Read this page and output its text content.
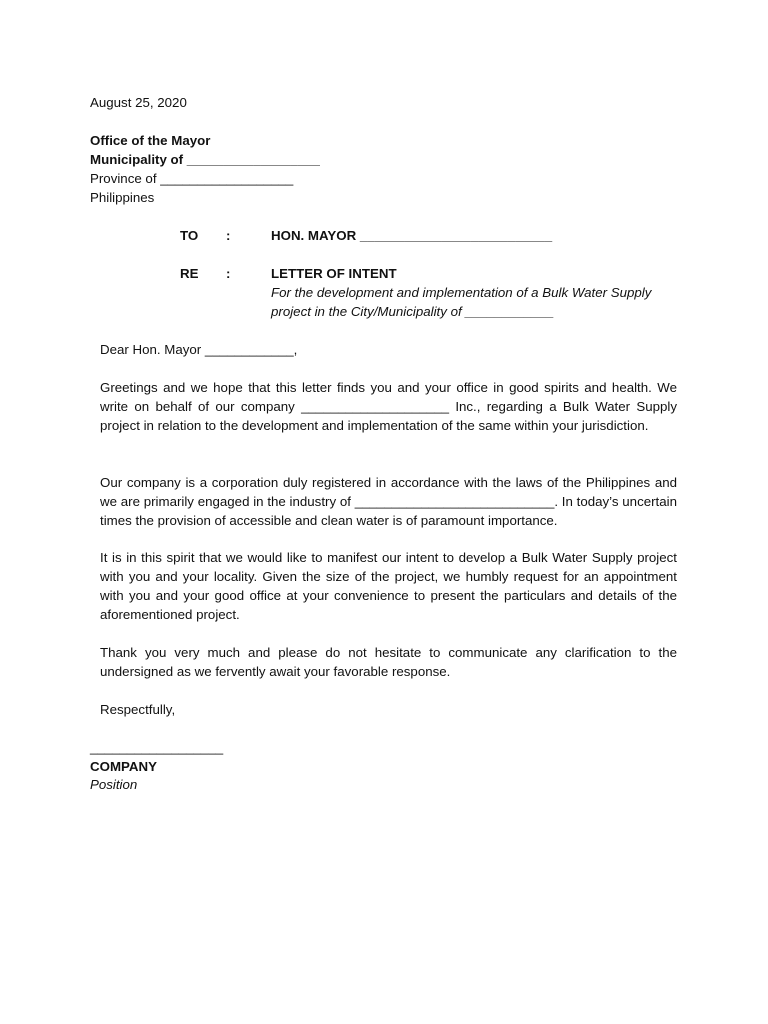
August 25, 2020
Office of the Mayor
Municipality of __________________
Province of __________________
Philippines
TO :	HON. MAYOR __________________________
RE :	LETTER OF INTENT
For the development and implementation of a Bulk Water Supply
project in the City/Municipality of ____________
Dear Hon. Mayor ____________,
Greetings and we hope that this letter finds you and your office in good spirits and health. We write on behalf of our company ____________________ Inc., regarding a Bulk Water Supply project in relation to the development and implementation of the same within your jurisdiction.
Our company is a corporation duly registered in accordance with the laws of the Philippines and we are primarily engaged in the industry of ___________________________. In today’s uncertain times the provision of accessible and clean water is of paramount importance.
It is in this spirit that we would like to manifest our intent to develop a Bulk Water Supply project with you and your locality. Given the size of the project, we humbly request for an appointment with you and your good office at your convenience to present the particulars and details of the aforementioned project.
Thank you very much and please do not hesitate to communicate any clarification to the undersigned as we fervently await your favorable response.
Respectfully,
__________________
COMPANY
Position
